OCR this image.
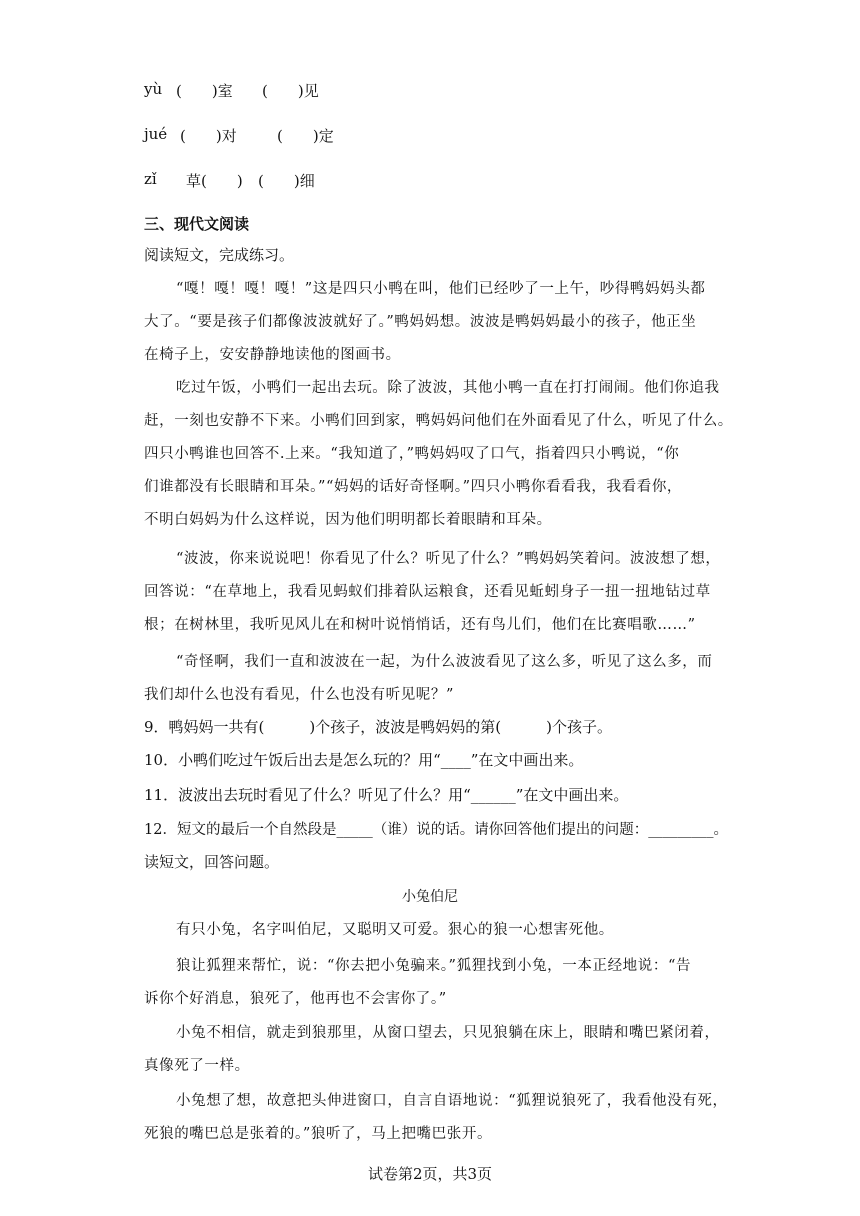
yù (　　)室 (　　)见
jué (　　)对	(　　)定
zǐ 草(　　) (　　)细
三、现代文阅读
阅读短文，完成练习。
“嘎！嘎！嘎！嘎！”这是四只小鸭在叫，他们已经吵了一上午，吵得鸭妈妈头都
大了。“要是孩子们都像波波就好了。”鸭妈妈想。波波是鸭妈妈最小的孩子，他正坐
在椅子上，安安静静地读他的图画书。
吃过午饭，小鸭们一起出去玩。除了波波，其他小鸭一直在打打闹闹。他们你追我
赶，一刻也安静不下来。小鸭们回到家，鸭妈妈问他们在外面看见了什么，听见了什么。
四只小鸭谁也回答不.上来。“我知道了，”鸭妈妈叹了口气，指着四只小鸭说，“你
们谁都没有长眼睛和耳朵。”“妈妈的话好奇怪啊。”四只小鸭你看看我，我看看你，
不明白妈妈为什么这样说，因为他们明明都长着眼睛和耳朵。
“波波，你来说说吧！你看见了什么？听见了什么？”鸭妈妈笑着问。波波想了想，
回答说：“在草地上，我看见蚂蚁们排着队运粮食，还看见蚯蚓身子一扭一扭地钻过草
根；在树林里，我听见风儿在和树叶说悄悄话，还有鸟儿们，他们在比赛唱歌……”
“奇怪啊，我们一直和波波在一起，为什么波波看见了这么多，听见了这么多，而
我们却什么也没有看见，什么也没有听见呢？”
9．鸭妈妈一共有(　　　)个孩子，波波是鸭妈妈的第(　　　)个孩子。
10．小鸭们吃过午饭后出去是怎么玩的？用“____”在文中画出来。
11．波波出去玩时看见了什么？听见了什么？用“______”在文中画出来。
12．短文的最后一个自然段是_____（谁）说的话。请你回答他们提出的问题：_________。
读短文，回答问题。
小兔伯尼
有只小兔，名字叫伯尼，又聪明又可爱。狠心的狼一心想害死他。
狼让狐狸来帮忙，说：“你去把小兔骗来。”狐狸找到小兔，一本正经地说：“告
诉你个好消息，狼死了，他再也不会害你了。”
小兔不相信，就走到狼那里，从窗口望去，只见狼躺在床上，眼睛和嘴巴紧闭着，
真像死了一样。
小兔想了想，故意把头伸进窗口，自言自语地说：“狐狸说狼死了，我看他没有死，
死狼的嘴巴总是张着的。”狼听了，马上把嘴巴张开。
试卷第2页，共3页
